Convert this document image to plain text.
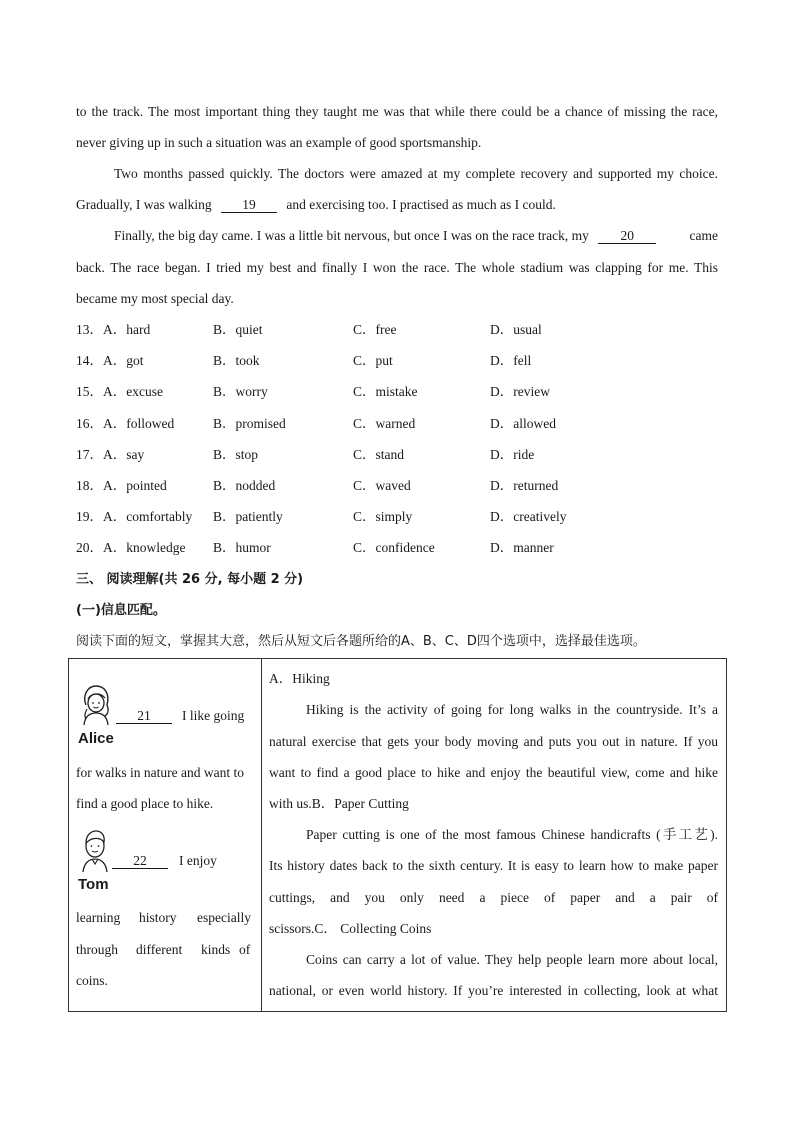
to the track. The most important thing they taught me was that while there could be a chance of missing the race,
never giving up in such a situation was an example of good sportsmanship.
Two months passed quickly. The doctors were amazed at my complete recovery and supported my choice.
Gradually, I was walking 19 and exercising too. I practised as much as I could.
Finally, the big day came. I was a little bit nervous, but once I was on the race track, my 20	came
back. The race began. I tried my best and finally I won the race. The whole stadium was clapping for me. This
became my most special day.
13．A．hard	B．quiet	C．free	D．usual
14．A．got	B．took	C．put	D．fell
15．A．excuse	B．worry	C．mistake	D．review
16．A．followed	B．promised	C．warned	D．allowed
17．A．say	B．stop	C．stand	D．ride
18．A．pointed	B．nodded	C．waved	D．returned
19．A．comfortably B．patiently	C．simply	D．creatively
20．A．knowledge B．humor	C．confidence	D．manner
三、 阅读理解(共 26 分, 每小题 2 分)
(一)信息匹配。
阅读下面的短文，掌握其大意，然后从短文后各题所给的A、B、C、D四个选项中，选择最佳选项。
Alice
21	I like going
for walks in nature and want to
find a good place to hike.
Tom
22	I enjoy
learning history especially
through different kinds of
coins.
A．Hiking
Hiking is the activity of going for long walks in the countryside. It’s a
natural exercise that gets your body moving and puts you out in nature. If you
want to find a good place to hike and enjoy the beautiful view, come and hike
with us.B．Paper Cutting
Paper cutting is one of the most famous Chinese handicrafts (手工艺).
Its history dates back to the sixth century. It is easy to learn how to make paper
cuttings, and you only need a piece of paper and a pair of
scissors.C． Collecting Coins
Coins can carry a lot of value. They help people learn more about local,
national, or even world history. If you’re interested in collecting, look at what
